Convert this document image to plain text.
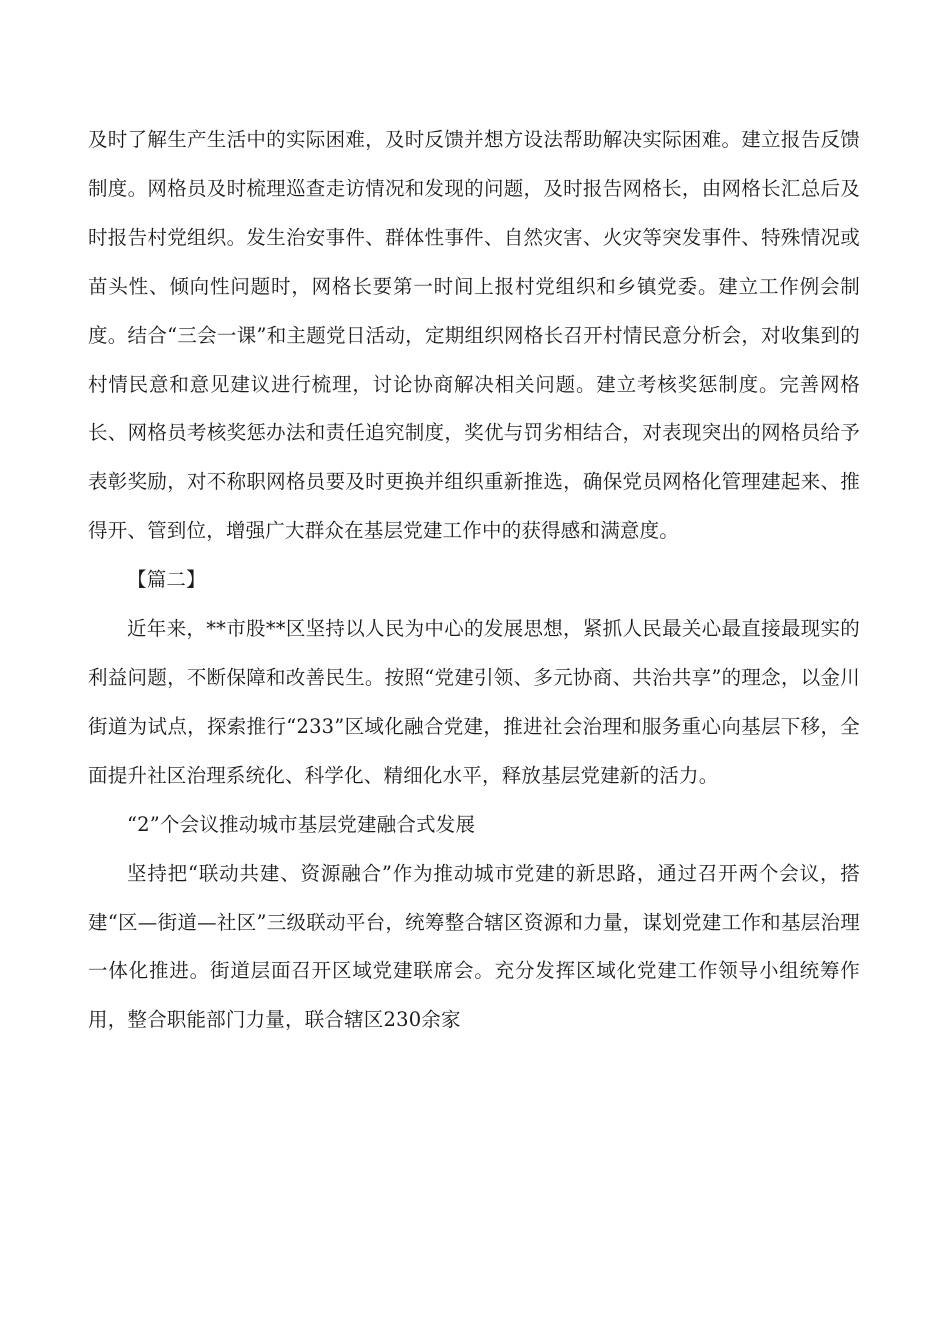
及时了解生产生活中的实际困难，及时反馈并想方设法帮助解决实际困难。建立报告反馈制度。网格员及时梳理巡查走访情况和发现的问题，及时报告网格长，由网格长汇总后及时报告村党组织。发生治安事件、群体性事件、自然灾害、火灾等突发事件、特殊情况或苗头性、倾向性问题时，网格长要第一时间上报村党组织和乡镇党委。建立工作例会制度。结合“三会一课”和主题党日活动，定期组织网格长召开村情民意分析会，对收集到的村情民意和意见建议进行梳理，讨论协商解决相关问题。建立考核奖惩制度。完善网格长、网格员考核奖惩办法和责任追究制度，奖优与罚劣相结合，对表现突出的网格员给予表彰奖励，对不称职网格员要及时更换并组织重新推选，确保党员网格化管理建起来、推得开、管到位，增强广大群众在基层党建工作中的获得感和满意度。

【篇二】

近年来，**市股**区坚持以人民为中心的发展思想，紧抓人民最关心最直接最现实的利益问题，不断保障和改善民生。按照“党建引领、多元协商、共治共享”的理念，以金川街道为试点，探索推行“233”区域化融合党建，推进社会治理和服务重心向基层下移，全面提升社区治理系统化、科学化、精细化水平，释放基层党建新的活力。

“2”个会议推动城市基层党建融合式发展

坚持把“联动共建、资源融合”作为推动城市党建的新思路，通过召开两个会议，搭建“区—街道—社区”三级联动平台，统筹整合辖区资源和力量，谋划党建工作和基层治理一体化推进。街道层面召开区域党建联席会。充分发挥区域化党建工作领导小组统筹作用，整合职能部门力量，联合辖区230余家
